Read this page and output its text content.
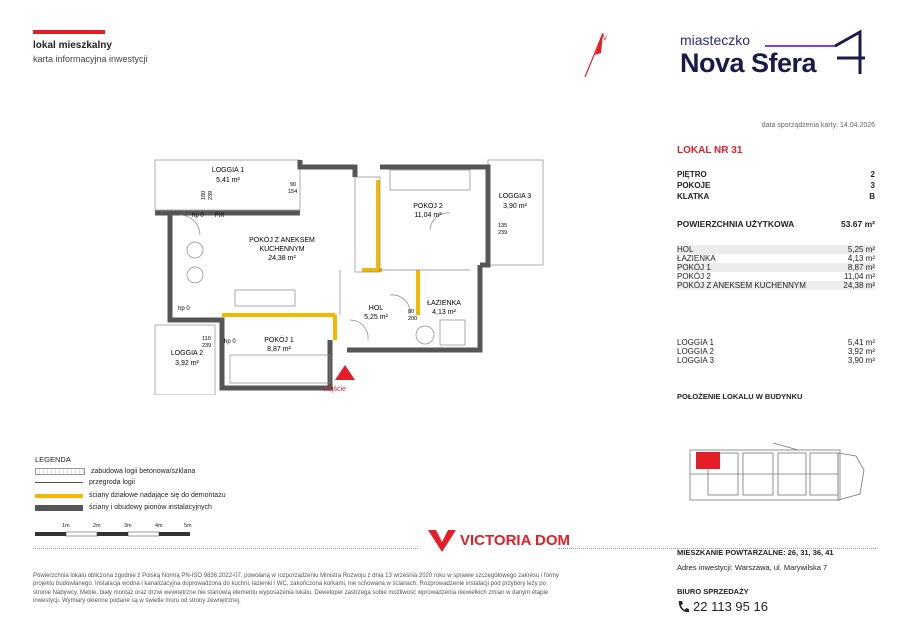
lokal mieszkalny
karta informacyjna inwestycji
N	miasteczko
Nova Sfera
data sporządzenia karty: 14.04.2026
LOKAL NR 31
PIĘTRO	2
POKOJE	3
KLATKA	B
POWIERZCHNIA UŻYTKOWA	53.67 m²
HOL	5,25 m²
ŁAZIENKA	4,13 m²
POKÓJ 1	8,87 m²
POKÓJ 2	11,04 m²
POKÓJ Z ANEKSEM KUCHENNYM	24,38 m²
LOGGIA 1	5,41 m²
LOGGIA 2	3,92 m²
LOGGIA 3	3,90 m²
POŁOŻENIE LOKALU W BUDYNKU
wejście
LOGGIA 1
5,41 m²
LOGGIA 2
3,92 m²
LOGGIA 3
3,90 m²
POKÓJ Z ANEKSEM
KUCHENNYM
24,38 m²
POKÓJ 2
11,04 m²
POKÓJ 1
8,87 m²
HOL
5,25 m²
ŁAZIENKA
4,13 m²
hp 0 FIX
hp 0
hp 0
90
154
180 239
135
239
110
239
80
200
LEGENDA
zabudowa logii betonowa/szklana
przegroda logii
ściany działowe nadające się do demontażu
ściany i obudowy pionów instalacyjnych
1m	2m	3m	4m	5m
VICTORIA DOM
Powierzchnia lokalu obliczona zgodnie z Polską Normą PN-ISO 9836:2022-07, powołaną w rozporządzeniu Ministra Rozwoju z dnia 13 września 2020 roku w sprawie szczegółowego zakresu i formy projektu budowlanego. Instalacja wodna i kanalizacyjna doprowadzona do kuchni, łazienki i WC, zakończona korkami, nie schowana w ścianach. Rozprowadzenie instalacji pod przybory leży po stronie Nabywcy. Meble, biały montaż oraz drzwi wewnętrzne nie stanowią elementu wyposażenia lokalu. Deweloper zastrzega sobie możliwość wprowadzenia niewielkich zmian w danym etapie inwestycji. Wymiary okienne podane są w świetle muru od strony zewnętrznej.
MIESZKANIE POWTARZALNE: 26, 31, 36, 41
Adres inwestycji: Warszawa, ul. Marywilska 7
BIURO SPRZEDAŻY
22 113 95 16
